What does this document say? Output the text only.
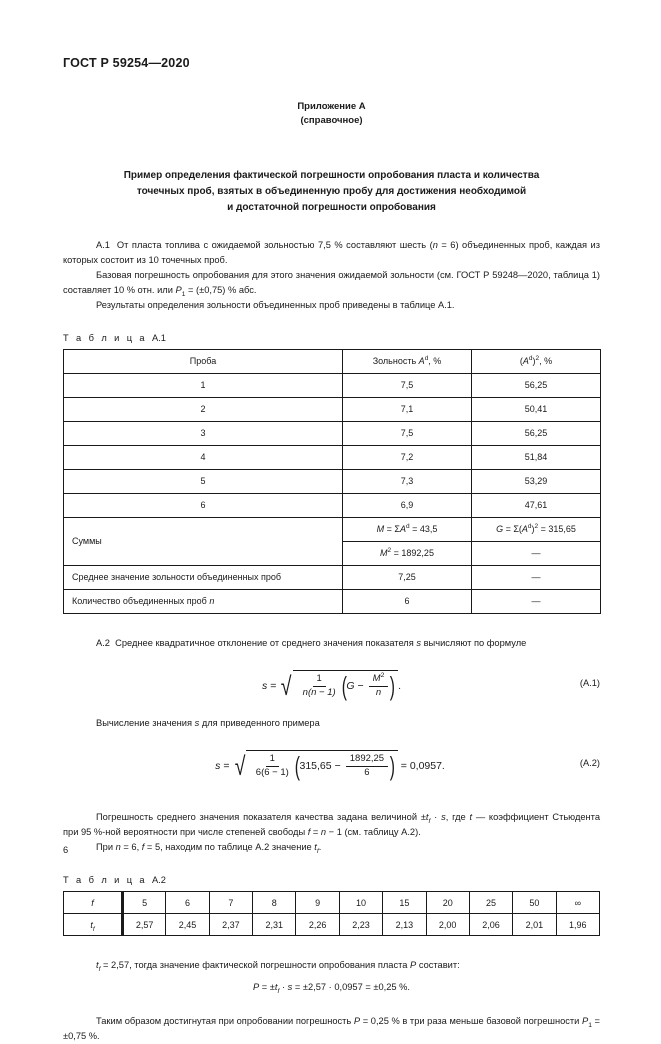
ГОСТ Р 59254—2020
Приложение А
(справочное)
Пример определения фактической погрешности опробования пласта и количества
точечных проб, взятых в объединенную пробу для достижения необходимой
и достаточной погрешности опробования

А.1  От пласта топлива с ожидаемой зольностью 7,5 % составляют шесть (n = 6) объединенных проб, каждая из которых состоит из 10 точечных проб.

Базовая погрешность опробования для этого значения ожидаемой зольности (см. ГОСТ Р 59248—2020, таблица 1) составляет 10 % отн. или $P_1 = (\pm 0,75)$ % абс.

Результаты определения зольности объединенных проб приведены в таблице А.1.

Т а б л и ц а А.1
Проба	Зольность $A^d$, %	$(A^d)^2$, %
1	7,5	56,25
2	7,1	50,41
3	7,5	56,25
4	7,2	51,84
5	7,3	53,29
6	6,9	47,61
Суммы	$M = \Sigma A^d = 43,5$	$G = \Sigma(A^d)^2 = 315,65$
	$M^2 = 1892,25$	—
Среднее значение зольности объединенных проб	7,25	—
Количество объединенных проб n	6	—

А.2  Среднее квадратичное отклонение от среднего значения показателя s вычисляют по формуле

s = √ $\frac{1}{n(n - 1)}$ ( $G - \frac{M^2}{n}$ ) .	(А.1)

Вычисление значения s для приведенного примера

s = √ $\frac{1}{6(6 - 1)}$ ( $315,65 - \frac{1892,25}{6}$ ) = 0,0957.	(А.2)

Погрешность среднего значения показателя качества задана величиной $\pm t_f \cdot s$, где t — коэффициент Стьюдента при 95 %-ной вероятности при числе степеней свободы f = n − 1 (см. таблицу А.2).

При n = 6, f = 5, находим по таблице А.2 значение $t_f$.

Т а б л и ц а А.2
f	5	6	7	8	9	10	15	20	25	50	∞
$t_f$	2,57	2,45	2,37	2,31	2,26	2,23	2,13	2,00	2,06	2,01	1,96

$t_f = 2,57$, тогда значение фактической погрешности опробования пласта P составит:

$P = \pm t_f \cdot s = \pm 2,57 \cdot 0,0957 = \pm 0,25$ %.

Таким образом достигнутая при опробовании погрешность P = 0,25 % в три раза меньше базовой погрешности $P_1 = \pm 0,75$ %.

6
